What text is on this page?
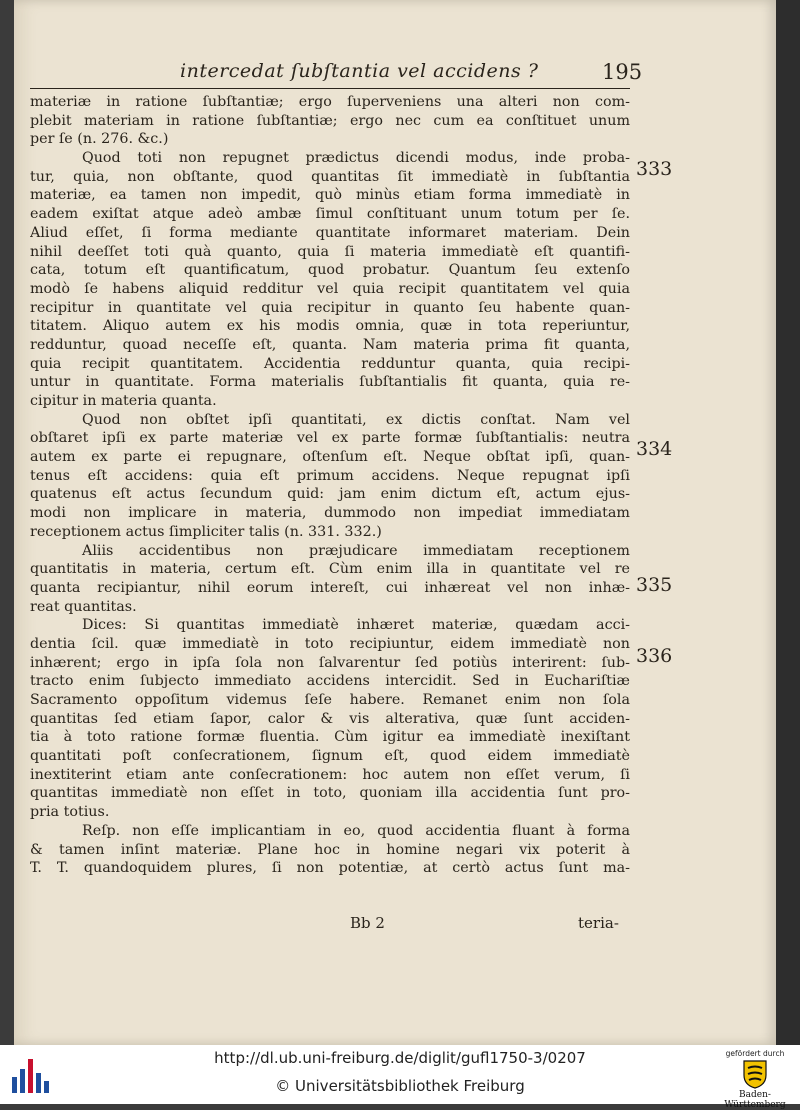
intercedat ſubſtantia vel accidens ?	195
materiæ in ratione ſubſtantiæ; ergo ſuperveniens una alteri non com-
plebit materiam in ratione ſubſtantiæ; ergo nec cum ea conſtituet unum
per ſe (n. 276. &c.)
Quod toti non repugnet prædictus dicendi modus, inde proba-
tur, quia, non obſtante, quod quantitas ſit immediatè in ſubſtantia
materiæ, ea tamen non impedit, quò minùs etiam forma immediatè in
eadem exiſtat atque adeò ambæ ſimul conſtituant unum totum per ſe.
Aliud eſſet, ſi forma mediante quantitate informaret materiam. Dein
nihil deeſſet toti quà quanto, quia ſi materia immediatè eſt quantifi-
cata, totum eſt quantificatum, quod probatur. Quantum ſeu extenſo
modò ſe habens aliquid redditur vel quia recipit quantitatem vel quia
recipitur in quantitate vel quia recipitur in quanto ſeu habente quan-
titatem. Aliquo autem ex his modis omnia, quæ in tota reperiuntur,
redduntur, quoad neceſſe eſt, quanta. Nam materia prima fit quanta,
quia recipit quantitatem. Accidentia redduntur quanta, quia recipi-
untur in quantitate. Forma materialis ſubſtantialis fit quanta, quia re-
cipitur in materia quanta.
Quod non obſtet ipſi quantitati, ex dictis conſtat. Nam vel
obſtaret ipſi ex parte materiæ vel ex parte formæ ſubſtantialis: neutra
autem ex parte ei repugnare, oſtenſum eſt. Neque obſtat ipſi, quan-
tenus eſt accidens: quia eſt primum accidens. Neque repugnat ipſi
quatenus eſt actus ſecundum quid: jam enim dictum eſt, actum ejus-
modi non implicare in materia, dummodo non impediat immediatam
receptionem actus ſimpliciter talis (n. 331. 332.)
Aliis accidentibus non præjudicare immediatam receptionem
quantitatis in materia, certum eſt. Cùm enim illa in quantitate vel re
quanta recipiantur, nihil eorum intereſt, cui inhæreat vel non inhæ-
reat quantitas.
Dices: Si quantitas immediatè inhæret materiæ, quædam acci-
dentia ſcil. quæ immediatè in toto recipiuntur, eidem immediatè non
inhærent; ergo in ipſa ſola non ſalvarentur ſed potiùs interirent: ſub-
tracto enim ſubjecto immediato accidens intercidit. Sed in Euchariſtiæ
Sacramento oppoſitum videmus ſeſe habere. Remanet enim non ſola
quantitas ſed etiam ſapor, calor & vis alterativa, quæ ſunt acciden-
tia à toto ratione formæ fluentia. Cùm igitur ea immediatè inexiſtant
quantitati poſt conſecrationem, ſignum eſt, quod eidem immediatè
inextiterint etiam ante conſecrationem: hoc autem non eſſet verum, ſi
quantitas immediatè non eſſet in toto, quoniam illa accidentia ſunt pro-
pria totius.
Reſp. non eſſe implicantiam in eo, quod accidentia fluant à forma
& tamen inſint materiæ. Plane hoc in homine negari vix poterit à
T. T. quandoquidem plures, ſi non potentiæ, at certò actus ſunt ma-
333
334
335
336
Bb 2	teria-
http://dl.ub.uni-freiburg.de/diglit/gufl1750-3/0207
© Universitätsbibliothek Freiburg
gefördert durch
Baden-Württemberg
